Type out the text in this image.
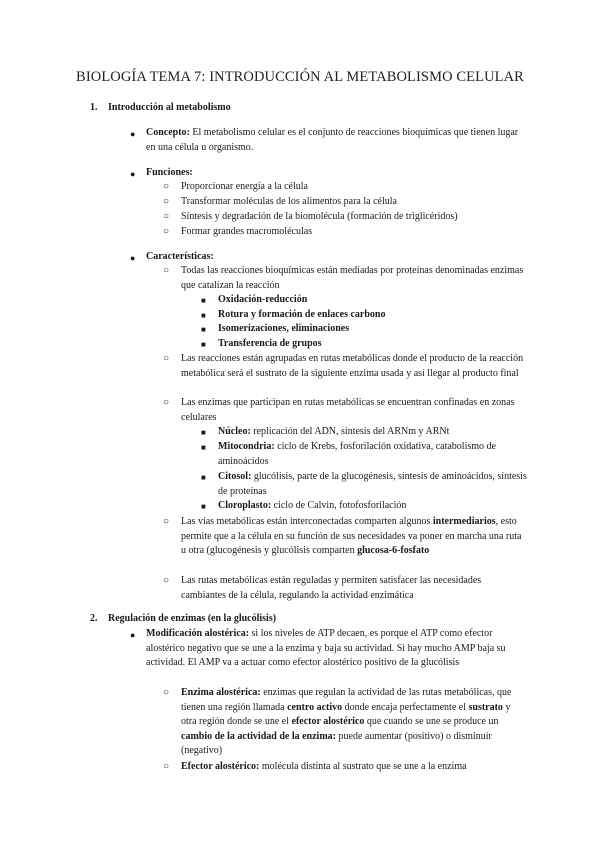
BIOLOGÍA TEMA 7: INTRODUCCIÓN AL METABOLISMO CELULAR
1. Introducción al metabolismo
● Concepto: El metabolismo celular es el conjunto de reacciones bioquímicas que tienen lugar en una célula u organismo.
● Funciones:
○ Proporcionar energía a la célula
○ Transformar moléculas de los alimentos para la célula
○ Síntesis y degradación de la biomolécula (formación de triglicéridos)
○ Formar grandes macromoléculas
● Características:
○ Todas las reacciones bioquímicas están mediadas por proteínas denominadas enzimas que catalizan la reacción
■ Oxidación-reducción
■ Rotura y formación de enlaces carbono
■ Isomerizaciones, eliminaciones
■ Transferencia de grupos
○ Las reacciones están agrupadas en rutas metabólicas donde el producto de la reacción metabólica será el sustrato de la siguiente enzima usada y así llegar al producto final
○ Las enzimas que participan en rutas metabólicas se encuentran confinadas en zonas celulares
■ Núcleo: replicación del ADN, síntesis del ARNm y ARNt
■ Mitocondria: ciclo de Krebs, fosforilación oxidativa, catabolismo de aminoácidos
■ Citosol: glucólisis, parte de la glucogénesis, síntesis de aminoácidos, síntesis de proteínas
■ Cloroplasto: ciclo de Calvin, fotofosforilación
○ Las vías metabólicas están interconectadas comparten algunos intermediarios, esto permite que a la célula en su función de sus necesidades va poner en marcha una ruta u otra (glucogénesis y glucólisis comparten glucosa-6-fosfato
○ Las rutas metabólicas están reguladas y permiten satisfacer las necesidades cambiantes de la célula, regulando la actividad enzimática
2. Regulación de enzimas (en la glucólisis)
● Modificación alostérica: si los niveles de ATP decaen, es porque el ATP como efector alostérico negativo que se une a la enzima y baja su actividad. Si hay mucho AMP baja su actividad. El AMP va a actuar como efector alostérico positivo de la glucólisis
○ Enzima alostérica: enzimas que regulan la actividad de las rutas metabólicas, que tienen una región llamada centro activo donde encaja perfectamente el sustrato y otra región donde se une el efector alostérico que cuando se une se produce un cambio de la actividad de la enzima: puede aumentar (positivo) o disminuir (negativo)
○ Efector alostérico: molécula distinta al sustrato que se une a la enzima
